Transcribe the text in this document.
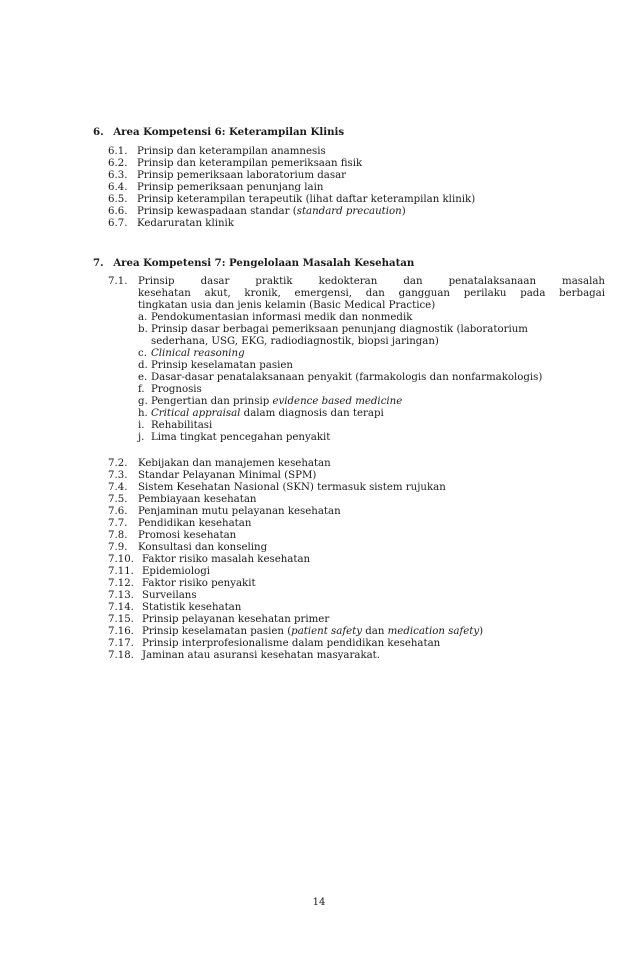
6. Area Kompetensi 6: Keterampilan Klinis
6.1. Prinsip dan keterampilan anamnesis
6.2. Prinsip dan keterampilan pemeriksaan fisik
6.3. Prinsip pemeriksaan laboratorium dasar
6.4. Prinsip pemeriksaan penunjang lain
6.5. Prinsip keterampilan terapeutik (lihat daftar keterampilan klinik)
6.6. Prinsip kewaspadaan standar (standard precaution)
6.7. Kedaruratan klinik
7. Area Kompetensi 7: Pengelolaan Masalah Kesehatan
7.1. Prinsip dasar praktik kedokteran dan penatalaksanaan masalah
kesehatan akut, kronik, emergensi, dan gangguan perilaku pada berbagai
tingkatan usia dan jenis kelamin (Basic Medical Practice)
a. Pendokumentasian informasi medik dan nonmedik
b. Prinsip dasar berbagai pemeriksaan penunjang diagnostik (laboratorium
sederhana, USG, EKG, radiodiagnostik, biopsi jaringan)
c. Clinical reasoning
d. Prinsip keselamatan pasien
e. Dasar-dasar penatalaksanaan penyakit (farmakologis dan nonfarmakologis)
f. Prognosis
g. Pengertian dan prinsip evidence based medicine
h. Critical appraisal dalam diagnosis dan terapi
i. Rehabilitasi
j. Lima tingkat pencegahan penyakit
7.2. Kebijakan dan manajemen kesehatan
7.3. Standar Pelayanan Minimal (SPM)
7.4. Sistem Kesehatan Nasional (SKN) termasuk sistem rujukan
7.5. Pembiayaan kesehatan
7.6. Penjaminan mutu pelayanan kesehatan
7.7. Pendidikan kesehatan
7.8. Promosi kesehatan
7.9. Konsultasi dan konseling
7.10. Faktor risiko masalah kesehatan
7.11. Epidemiologi
7.12. Faktor risiko penyakit
7.13. Surveilans
7.14. Statistik kesehatan
7.15. Prinsip pelayanan kesehatan primer
7.16. Prinsip keselamatan pasien (patient safety dan medication safety)
7.17. Prinsip interprofesionalisme dalam pendidikan kesehatan
7.18. Jaminan atau asuransi kesehatan masyarakat.
14
